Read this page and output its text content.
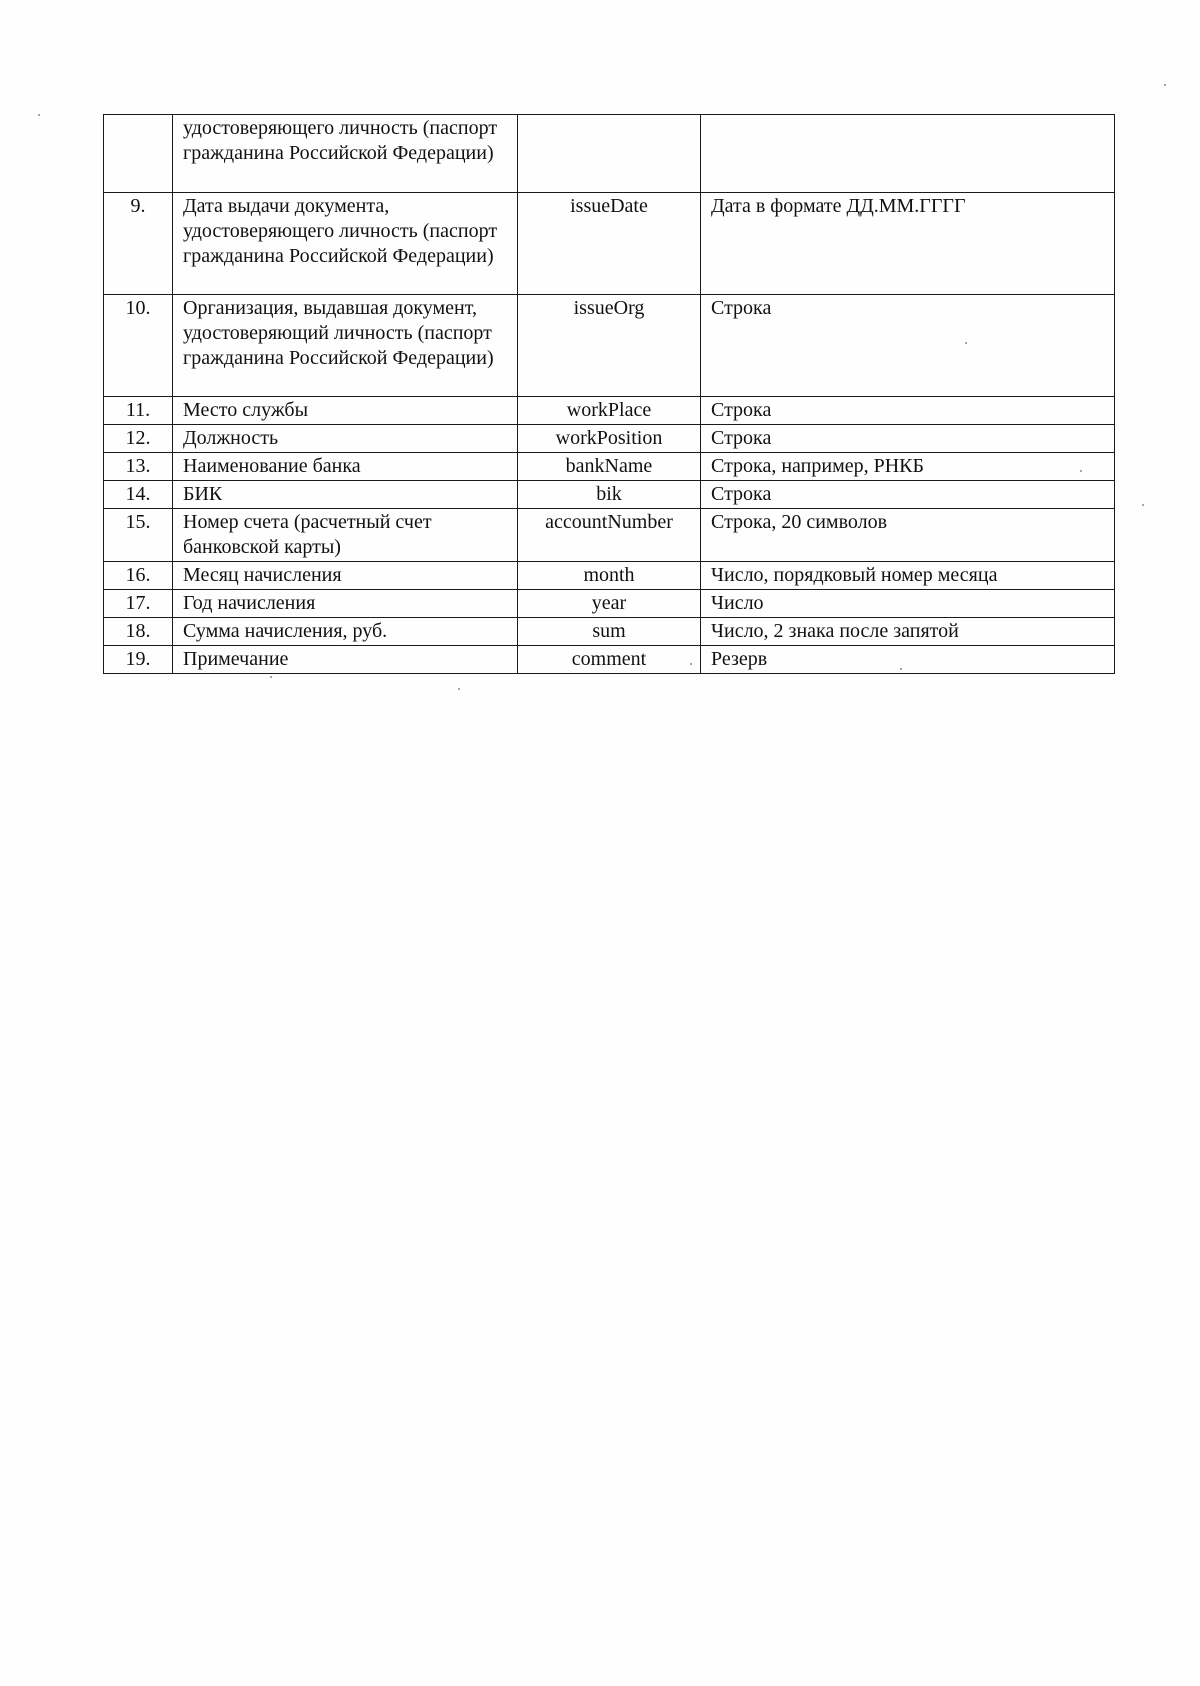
	удостоверяющего личность (паспорт гражданина Российской Федерации)		
9.	Дата выдачи документа, удостоверяющего личность (паспорт гражданина Российской Федерации)	issueDate	Дата в формате ДД.ММ.ГГГГ
10.	Организация, выдавшая документ, удостоверяющий личность (паспорт гражданина Российской Федерации)	issueOrg	Строка
11.	Место службы	workPlace	Строка
12.	Должность	workPosition	Строка
13.	Наименование банка	bankName	Строка, например, РНКБ
14.	БИК	bik	Строка
15.	Номер счета (расчетный счет банковской карты)	accountNumber	Строка, 20 символов
16.	Месяц начисления	month	Число, порядковый номер месяца
17.	Год начисления	year	Число
18.	Сумма начисления, руб.	sum	Число, 2 знака после запятой
19.	Примечание	comment	Резерв
